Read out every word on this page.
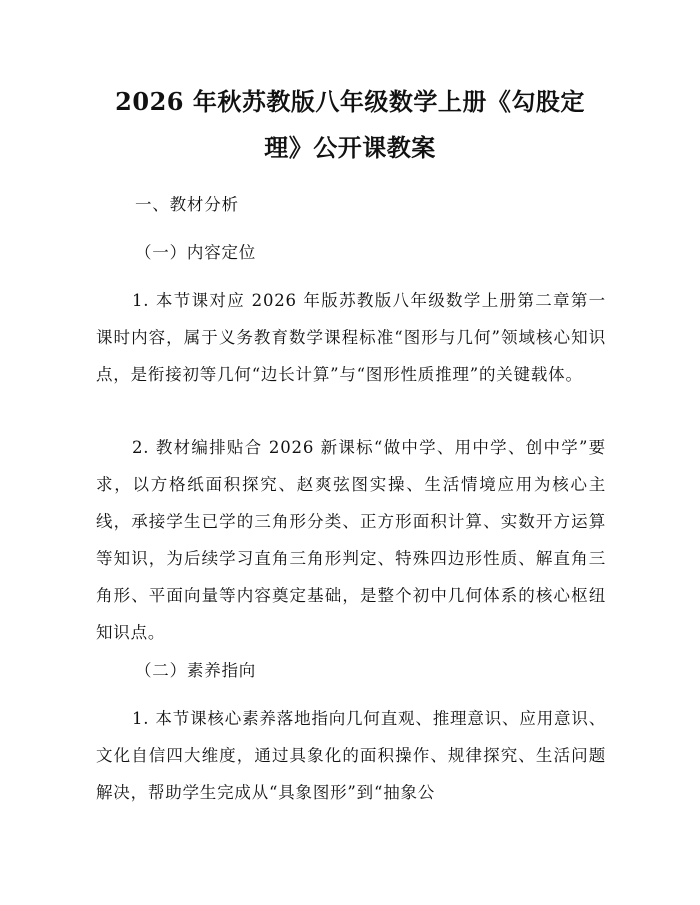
2026 年秋苏教版八年级数学上册《勾股定
理》公开课教案
一、教材分析
（一）内容定位

1. 本节课对应 2026 年版苏教版八年级数学上册第二章第一课时内容，属于义务教育数学课程标准“图形与几何”领域核心知识点，是衔接初等几何“边长计算”与“图形性质推理”的关键载体。

2. 教材编排贴合 2026 新课标“做中学、用中学、创中学”要求，以方格纸面积探究、赵爽弦图实操、生活情境应用为核心主线，承接学生已学的三角形分类、正方形面积计算、实数开方运算等知识，为后续学习直角三角形判定、特殊四边形性质、解直角三角形、平面向量等内容奠定基础，是整个初中几何体系的核心枢纽知识点。

（二）素养指向

1. 本节课核心素养落地指向几何直观、推理意识、应用意识、文化自信四大维度，通过具象化的面积操作、规律探究、生活问题解决，帮助学生完成从“具象图形”到“抽象公
